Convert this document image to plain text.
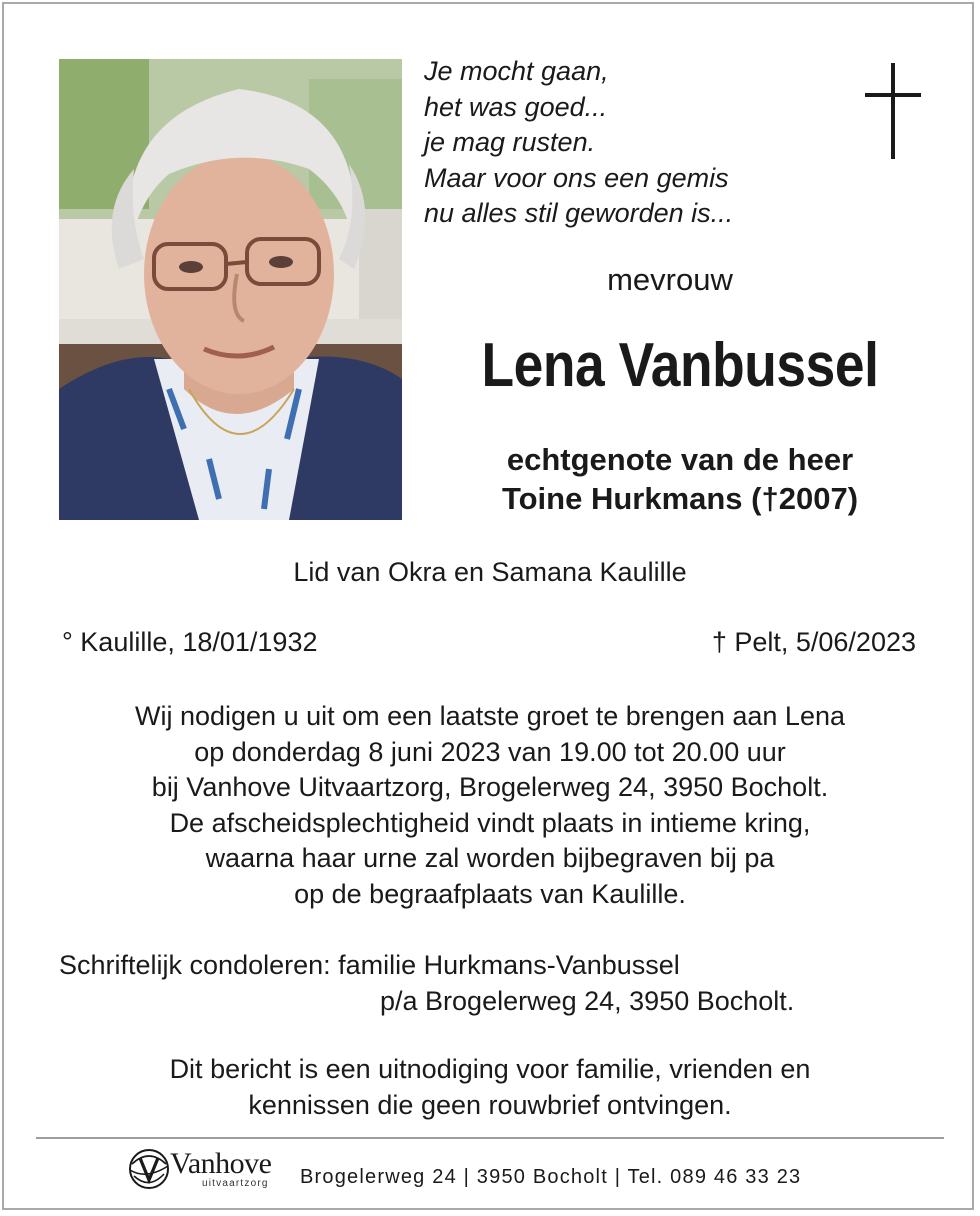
Je mocht gaan,
het was goed...
je mag rusten.
Maar voor ons een gemis
nu alles stil geworden is...
mevrouw
Lena Vanbussel
echtgenote van de heer
Toine Hurkmans (†2007)
Lid van Okra en Samana Kaulille
° Kaulille, 18/01/1932	† Pelt, 5/06/2023
Wij nodigen u uit om een laatste groet te brengen aan Lena
op donderdag 8 juni 2023 van 19.00 tot 20.00 uur
bij Vanhove Uitvaartzorg, Brogelerweg 24, 3950 Bocholt.
De afscheidsplechtigheid vindt plaats in intieme kring,
waarna haar urne zal worden bijbegraven bij pa
op de begraafplaats van Kaulille.
Schriftelijk condoleren: familie Hurkmans-Vanbussel
p/a Brogelerweg 24, 3950 Bocholt.
Dit bericht is een uitnodiging voor familie, vrienden en
kennissen die geen rouwbrief ontvingen.
Vanhove
uitvaartzorg Brogelerweg 24 | 3950 Bocholt | Tel. 089 46 33 23
